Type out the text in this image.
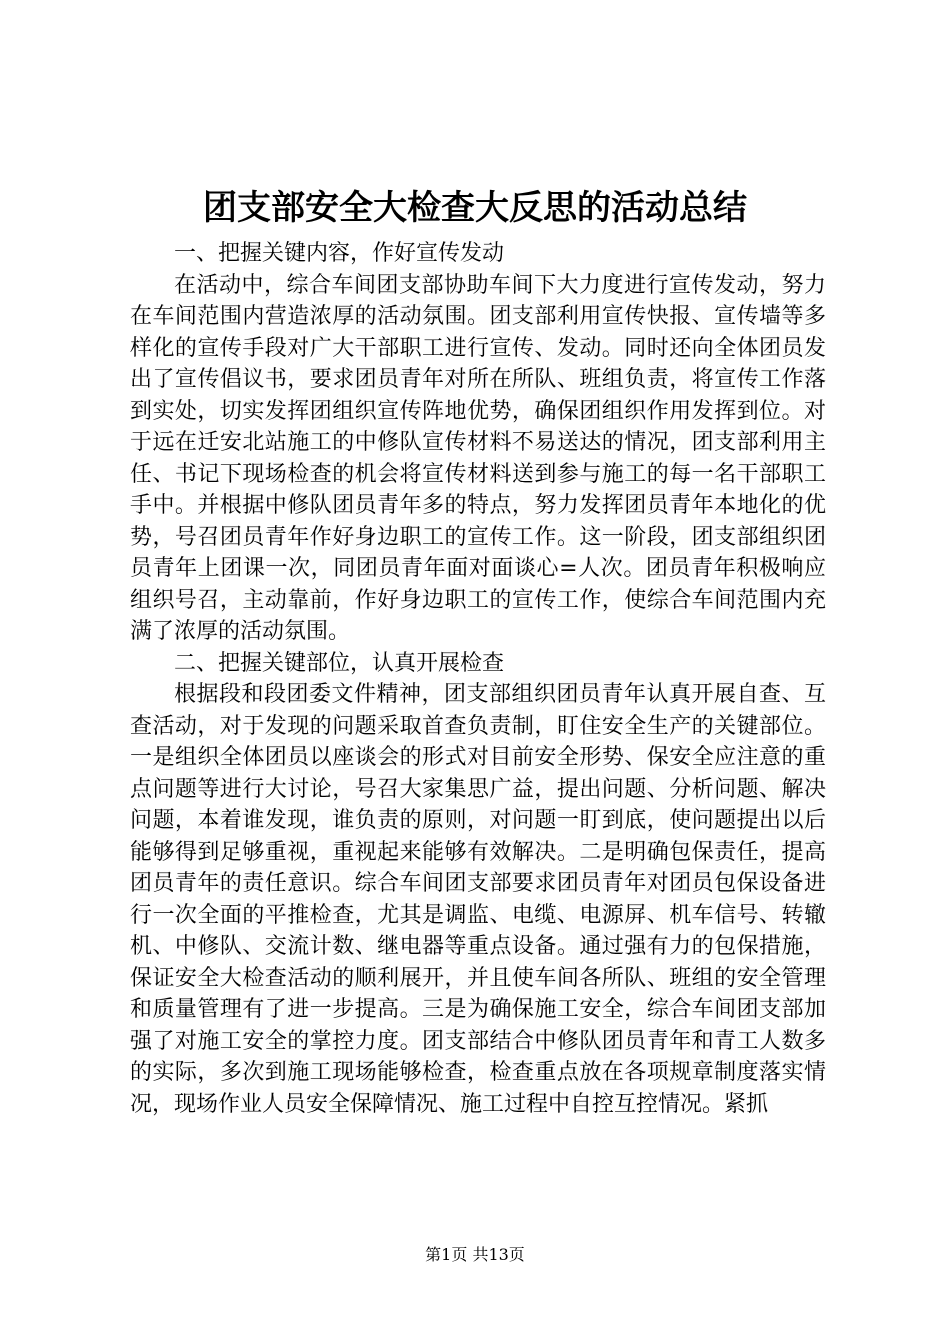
团支部安全大检查大反思的活动总结

一、把握关键内容，作好宣传发动

在活动中，综合车间团支部协助车间下大力度进行宣传发动，努力在车间范围内营造浓厚的活动氛围。团支部利用宣传快报、宣传墙等多样化的宣传手段对广大干部职工进行宣传、发动。同时还向全体团员发出了宣传倡议书，要求团员青年对所在所队、班组负责，将宣传工作落到实处，切实发挥团组织宣传阵地优势，确保团组织作用发挥到位。对于远在迁安北站施工的中修队宣传材料不易送达的情况，团支部利用主任、书记下现场检查的机会将宣传材料送到参与施工的每一名干部职工手中。并根据中修队团员青年多的特点，努力发挥团员青年本地化的优势，号召团员青年作好身边职工的宣传工作。这一阶段，团支部组织团员青年上团课一次，同团员青年面对面谈心=人次。团员青年积极响应组织号召，主动靠前，作好身边职工的宣传工作，使综合车间范围内充满了浓厚的活动氛围。

二、把握关键部位，认真开展检查

根据段和段团委文件精神，团支部组织团员青年认真开展自查、互查活动，对于发现的问题采取首查负责制，盯住安全生产的关键部位。一是组织全体团员以座谈会的形式对目前安全形势、保安全应注意的重点问题等进行大讨论，号召大家集思广益，提出问题、分析问题、解决问题，本着谁发现，谁负责的原则，对问题一盯到底，使问题提出以后能够得到足够重视，重视起来能够有效解决。二是明确包保责任，提高团员青年的责任意识。综合车间团支部要求团员青年对团员包保设备进行一次全面的平推检查，尤其是调监、电缆、电源屏、机车信号、转辙机、中修队、交流计数、继电器等重点设备。通过强有力的包保措施，保证安全大检查活动的顺利展开，并且使车间各所队、班组的安全管理和质量管理有了进一步提高。三是为确保施工安全，综合车间团支部加强了对施工安全的掌控力度。团支部结合中修队团员青年和青工人数多的实际，多次到施工现场能够检查，检查重点放在各项规章制度落实情况，现场作业人员安全保障情况、施工过程中自控互控情况。紧抓

第1页 共13页
